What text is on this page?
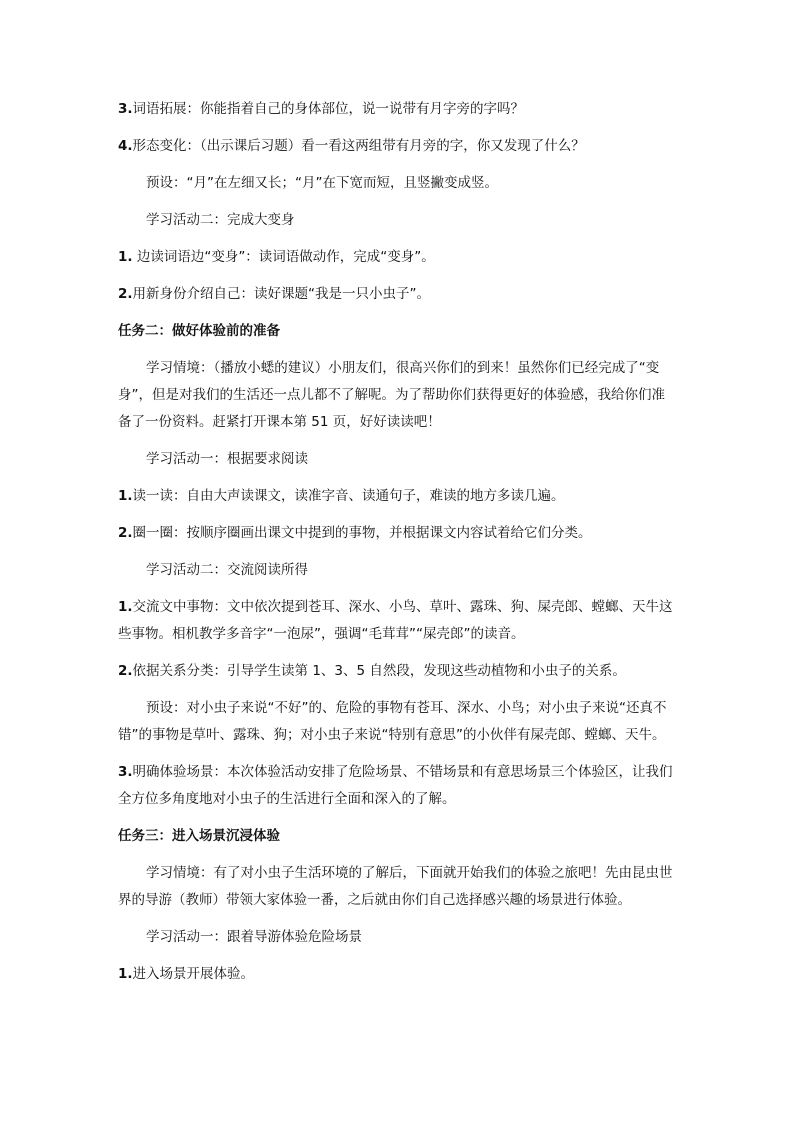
3.词语拓展：你能指着自己的身体部位，说一说带有月字旁的字吗？

4.形态变化：（出示课后习题）看一看这两组带有月旁的字，你又发现了什么？

预设：“月”在左细又长；“月”在下宽而短，且竖撇变成竖。

学习活动二：完成大变身

1. 边读词语边“变身”：读词语做动作，完成“变身”。

2.用新身份介绍自己：读好课题“我是一只小虫子”。

任务二：做好体验前的准备

学习情境：（播放小蟋的建议）小朋友们，很高兴你们的到来！虽然你们已经完成了“变身”，但是对我们的生活还一点儿都不了解呢。为了帮助你们获得更好的体验感，我给你们准备了一份资料。赶紧打开课本第 51 页，好好读读吧！

学习活动一：根据要求阅读

1.读一读：自由大声读课文，读准字音、读通句子，难读的地方多读几遍。

2.圈一圈：按顺序圈画出课文中提到的事物，并根据课文内容试着给它们分类。

学习活动二：交流阅读所得

1.交流文中事物：文中依次提到苍耳、深水、小鸟、草叶、露珠、狗、屎壳郎、螳螂、天牛这些事物。相机教学多音字“一泡尿”，强调“毛茸茸”“屎壳郎”的读音。

2.依据关系分类：引导学生读第 1、3、5 自然段，发现这些动植物和小虫子的关系。

预设：对小虫子来说“不好”的、危险的事物有苍耳、深水、小鸟；对小虫子来说“还真不错”的事物是草叶、露珠、狗；对小虫子来说“特别有意思”的小伙伴有屎壳郎、螳螂、天牛。

3.明确体验场景：本次体验活动安排了危险场景、不错场景和有意思场景三个体验区，让我们全方位多角度地对小虫子的生活进行全面和深入的了解。

任务三：进入场景沉浸体验

学习情境：有了对小虫子生活环境的了解后，下面就开始我们的体验之旅吧！先由昆虫世界的导游（教师）带领大家体验一番，之后就由你们自己选择感兴趣的场景进行体验。

学习活动一：跟着导游体验危险场景

1.进入场景开展体验。
